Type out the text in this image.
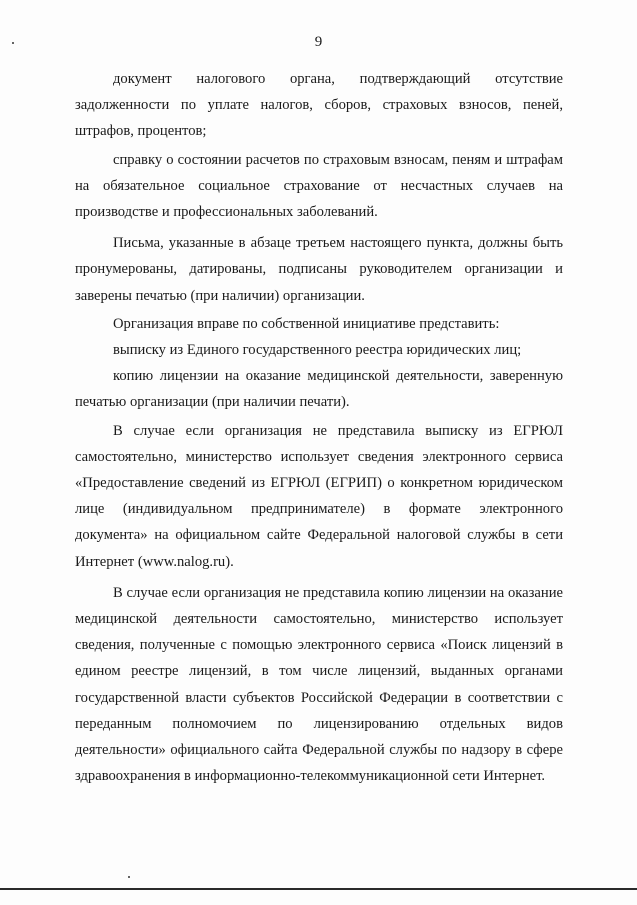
9

документ налогового органа, подтверждающий отсутствие задолженности по уплате налогов, сборов, страховых взносов, пеней, штрафов, процентов;

справку о состоянии расчетов по страховым взносам, пеням и штрафам на обязательное социальное страхование от несчастных случаев на производстве и профессиональных заболеваний.

Письма, указанные в абзаце третьем настоящего пункта, должны быть пронумерованы, датированы, подписаны руководителем организации и заверены печатью (при наличии) организации.

Организация вправе по собственной инициативе представить:

выписку из Единого государственного реестра юридических лиц;

копию лицензии на оказание медицинской деятельности, заверенную печатью организации (при наличии печати).

В случае если организация не представила выписку из ЕГРЮЛ самостоятельно, министерство использует сведения электронного сервиса «Предоставление сведений из ЕГРЮЛ (ЕГРИП) о конкретном юридическом лице (индивидуальном предпринимателе) в формате электронного документа» на официальном сайте Федеральной налоговой службы в сети Интернет (www.nalog.ru).

В случае если организация не представила копию лицензии на оказание медицинской деятельности самостоятельно, министерство использует сведения, полученные с помощью электронного сервиса «Поиск лицензий в едином реестре лицензий, в том числе лицензий, выданных органами государственной власти субъектов Российской Федерации в соответствии с переданным полномочием по лицензированию отдельных видов деятельности» официального сайта Федеральной службы по надзору в сфере здравоохранения в информационно-телекоммуникационной сети Интернет.
